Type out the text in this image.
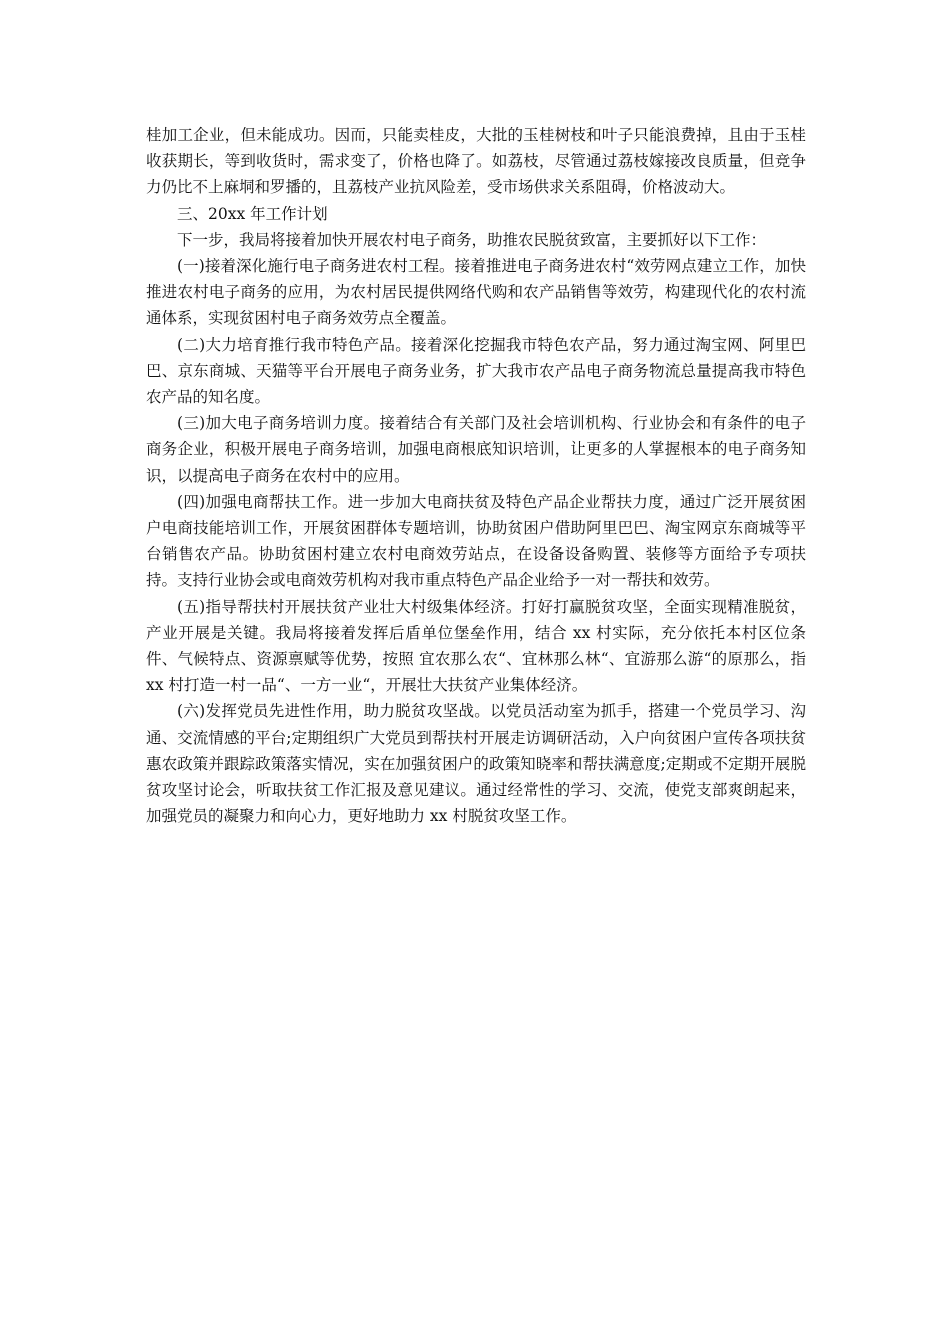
桂加工企业，但未能成功。因而，只能卖桂皮，大批的玉桂树枝和叶子只能浪费掉，且由于玉桂收获期长，等到收货时，需求变了，价格也降了。如荔枝，尽管通过荔枝嫁接改良质量，但竞争力仍比不上麻垌和罗播的，且荔枝产业抗风险差，受市场供求关系阻碍，价格波动大。

三、20xx 年工作计划

下一步，我局将接着加快开展农村电子商务，助推农民脱贫致富，主要抓好以下工作：

(一)接着深化施行电子商务进农村工程。接着推进电子商务进农村“效劳网点建立工作，加快推进农村电子商务的应用，为农村居民提供网络代购和农产品销售等效劳，构建现代化的农村流通体系，实现贫困村电子商务效劳点全覆盖。

(二)大力培育推行我市特色产品。接着深化挖掘我市特色农产品，努力通过淘宝网、阿里巴巴、京东商城、天猫等平台开展电子商务业务，扩大我市农产品电子商务物流总量提高我市特色农产品的知名度。

(三)加大电子商务培训力度。接着结合有关部门及社会培训机构、行业协会和有条件的电子商务企业，积极开展电子商务培训，加强电商根底知识培训，让更多的人掌握根本的电子商务知识，以提高电子商务在农村中的应用。

(四)加强电商帮扶工作。进一步加大电商扶贫及特色产品企业帮扶力度，通过广泛开展贫困户电商技能培训工作，开展贫困群体专题培训，协助贫困户借助阿里巴巴、淘宝网京东商城等平台销售农产品。协助贫困村建立农村电商效劳站点，在设备设备购置、装修等方面给予专项扶持。支持行业协会或电商效劳机构对我市重点特色产品企业给予一对一帮扶和效劳。

(五)指导帮扶村开展扶贫产业壮大村级集体经济。打好打赢脱贫攻坚，全面实现精准脱贫，产业开展是关键。我局将接着发挥后盾单位堡垒作用，结合 xx 村实际，充分依托本村区位条件、气候特点、资源禀赋等优势，按照 宜农那么农“、宜林那么林“、宜游那么游“的原那么，指 xx 村打造一村一品“、一方一业“，开展壮大扶贫产业集体经济。

(六)发挥党员先进性作用，助力脱贫攻坚战。以党员活动室为抓手，搭建一个党员学习、沟通、交流情感的平台;定期组织广大党员到帮扶村开展走访调研活动，入户向贫困户宣传各项扶贫惠农政策并跟踪政策落实情况，实在加强贫困户的政策知晓率和帮扶满意度;定期或不定期开展脱贫攻坚讨论会，听取扶贫工作汇报及意见建议。通过经常性的学习、交流，使党支部爽朗起来，加强党员的凝聚力和向心力，更好地助力 xx 村脱贫攻坚工作。
